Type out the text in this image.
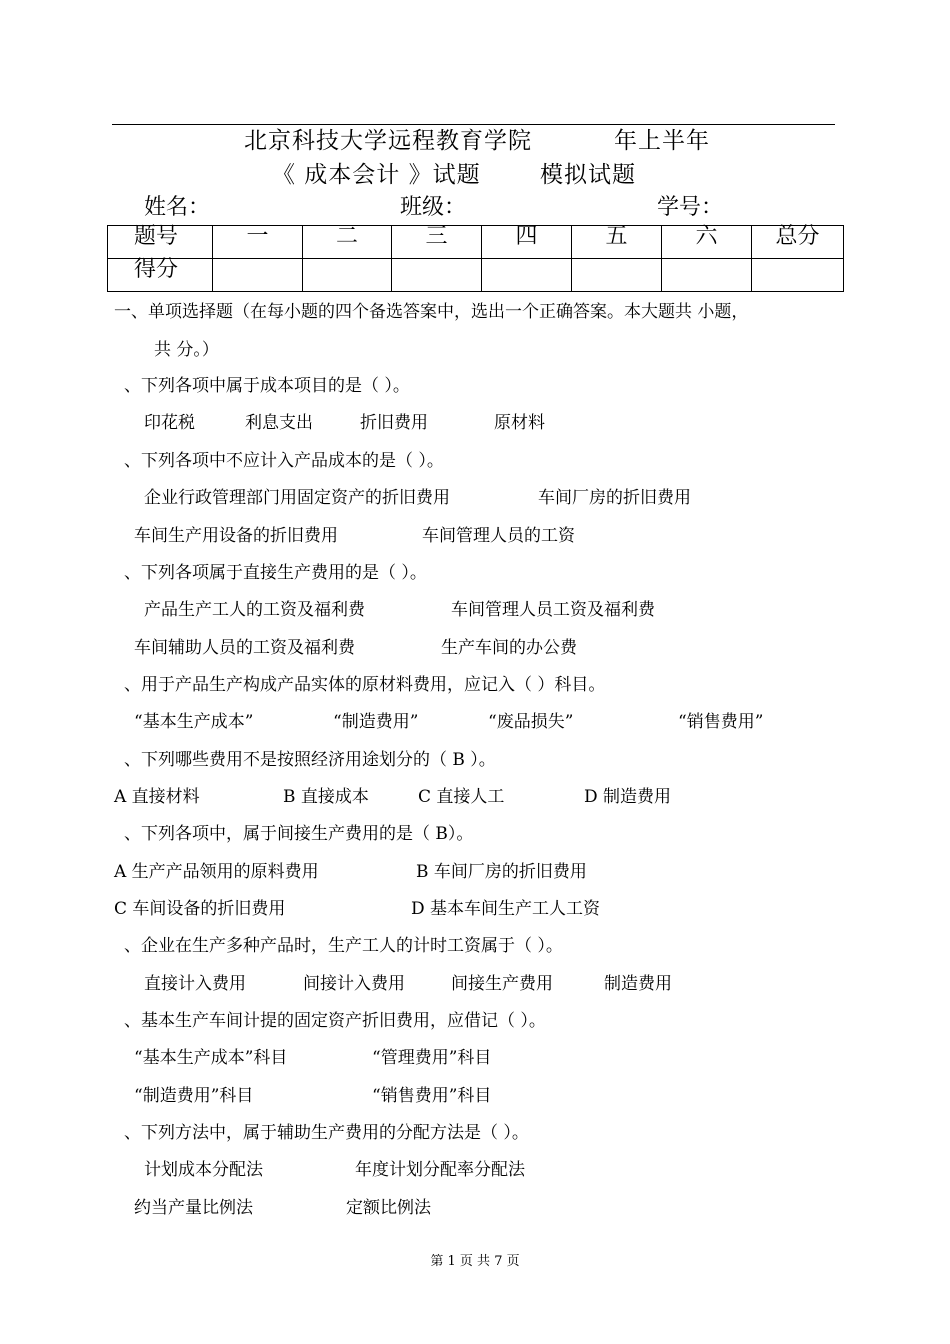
北京科技大学远程教育学院	年上半年
《 成本会计 》试题	模拟试题
姓名：	班级：	学号：
题号	一	二	三	四	五	六	总分
得分							
一、单项选择题（在每小题的四个备选答案中，选出一个正确答案。本大题共 小题，
共 分。）
、下列各项中属于成本项目的是（ ）。
印花税	利息支出	折旧费用	原材料
、下列各项中不应计入产品成本的是（ ）。
企业行政管理部门用固定资产的折旧费用	车间厂房的折旧费用
车间生产用设备的折旧费用	车间管理人员的工资
、下列各项属于直接生产费用的是（ ）。
产品生产工人的工资及福利费	车间管理人员工资及福利费
车间辅助人员的工资及福利费	生产车间的办公费
、用于产品生产构成产品实体的原材料费用，应记入（ ）科目。
“基本生产成本”	“制造费用”	“废品损失”	“销售费用”
、下列哪些费用不是按照经济用途划分的（ B ）。
A 直接材料	B 直接成本	C 直接人工	D 制造费用
、下列各项中，属于间接生产费用的是（ B）。
A 生产产品领用的原料费用	B 车间厂房的折旧费用
C 车间设备的折旧费用	D 基本车间生产工人工资
、企业在生产多种产品时，生产工人的计时工资属于（ ）。
直接计入费用	间接计入费用	间接生产费用	制造费用
、基本生产车间计提的固定资产折旧费用，应借记（ ）。
“基本生产成本”科目	“管理费用”科目
“制造费用”科目	“销售费用”科目
、下列方法中，属于辅助生产费用的分配方法是（ ）。
计划成本分配法	年度计划分配率分配法
约当产量比例法	定额比例法
第 1 页 共 7 页
